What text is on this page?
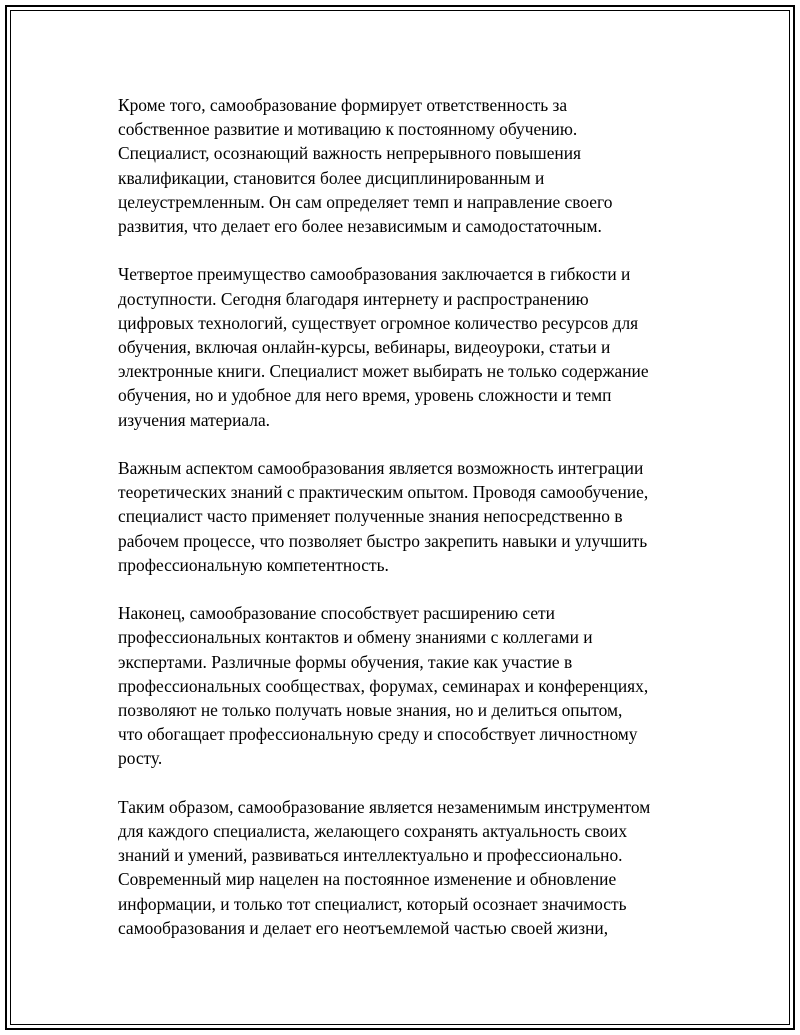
Кроме того, самообразование формирует ответственность за
собственное развитие и мотивацию к постоянному обучению.
Специалист, осознающий важность непрерывного повышения
квалификации, становится более дисциплинированным и
целеустремленным. Он сам определяет темп и направление своего
развития, что делает его более независимым и самодостаточным.

Четвертое преимущество самообразования заключается в гибкости и
доступности. Сегодня благодаря интернету и распространению
цифровых технологий, существует огромное количество ресурсов для
обучения, включая онлайн-курсы, вебинары, видеоуроки, статьи и
электронные книги. Специалист может выбирать не только содержание
обучения, но и удобное для него время, уровень сложности и темп
изучения материала.

Важным аспектом самообразования является возможность интеграции
теоретических знаний с практическим опытом. Проводя самообучение,
специалист часто применяет полученные знания непосредственно в
рабочем процессе, что позволяет быстро закрепить навыки и улучшить
профессиональную компетентность.

Наконец, самообразование способствует расширению сети
профессиональных контактов и обмену знаниями с коллегами и
экспертами. Различные формы обучения, такие как участие в
профессиональных сообществах, форумах, семинарах и конференциях,
позволяют не только получать новые знания, но и делиться опытом,
что обогащает профессиональную среду и способствует личностному
росту.

Таким образом, самообразование является незаменимым инструментом
для каждого специалиста, желающего сохранять актуальность своих
знаний и умений, развиваться интеллектуально и профессионально.
Современный мир нацелен на постоянное изменение и обновление
информации, и только тот специалист, который осознает значимость
самообразования и делает его неотъемлемой частью своей жизни,
